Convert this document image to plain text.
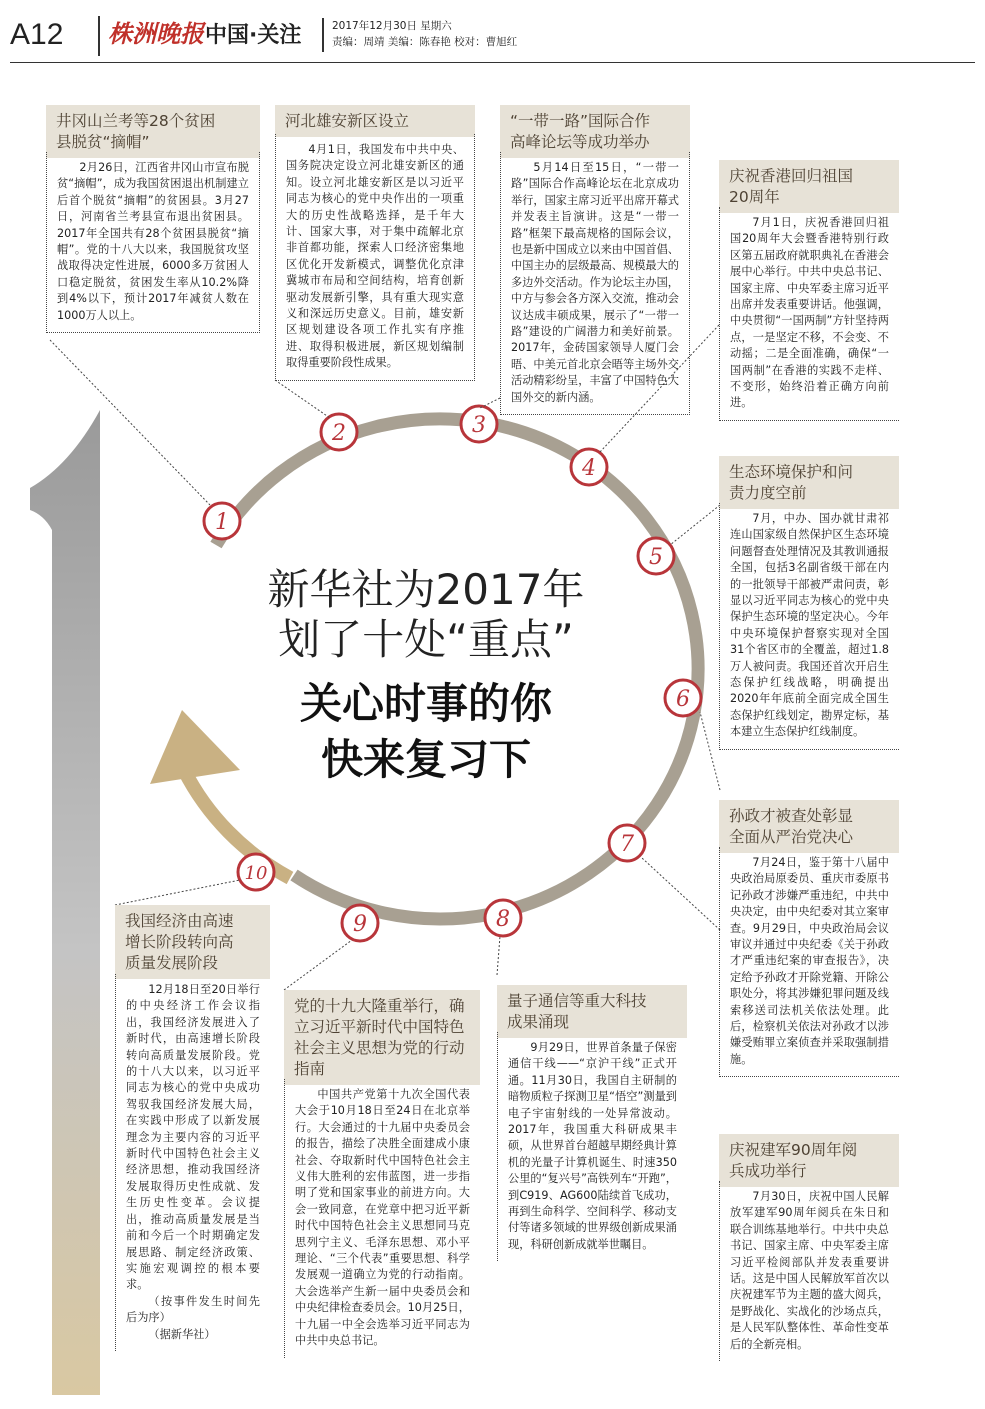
A12 株洲晚报 中国·关注	2017年12月30日 星期六
责编：周靖 美编：陈春艳 校对：曹旭红
1
2	3
4
5
6
7
8
9
10
新华社为2017年
划了十处“重点”
关心时事的你
快来复习下
井冈山兰考等28个贫困
县脱贫“摘帽”
2月26日，江西省井冈山市宣布脱贫“摘帽”，成为我国贫困退出机制建立后首个脱贫“摘帽”的贫困县。3月27日，河南省兰考县宣布退出贫困县。2017年全国共有28个贫困县脱贫“摘帽”。党的十八大以来，我国脱贫攻坚战取得决定性进展，6000多万贫困人口稳定脱贫，贫困发生率从10.2%降到4%以下，预计2017年减贫人数在1000万人以上。
河北雄安新区设立
4月1日，我国发布中共中央、国务院决定设立河北雄安新区的通知。设立河北雄安新区是以习近平同志为核心的党中央作出的一项重大的历史性战略选择，是千年大计、国家大事，对于集中疏解北京非首都功能，探索人口经济密集地区优化开发新模式，调整优化京津冀城市布局和空间结构，培育创新驱动发展新引擎，具有重大现实意义和深远历史意义。目前，雄安新区规划建设各项工作扎实有序推进、取得积极进展，新区规划编制取得重要阶段性成果。
“一带一路”国际合作
高峰论坛等成功举办
5月14日至15日，“一带一路”国际合作高峰论坛在北京成功举行，国家主席习近平出席开幕式并发表主旨演讲。这是“一带一路”框架下最高规格的国际会议，也是新中国成立以来由中国首倡、中国主办的层级最高、规模最大的多边外交活动。作为论坛主办国，中方与参会各方深入交流，推动会议达成丰硕成果，展示了“一带一路”建设的广阔潜力和美好前景。2017年，金砖国家领导人厦门会晤、中美元首北京会晤等主场外交活动精彩纷呈，丰富了中国特色大国外交的新内涵。
庆祝香港回归祖国
20周年
7月1日，庆祝香港回归祖国20周年大会暨香港特别行政区第五届政府就职典礼在香港会展中心举行。中共中央总书记、国家主席、中央军委主席习近平出席并发表重要讲话。他强调，中央贯彻“一国两制”方针坚持两点，一是坚定不移，不会变、不动摇；二是全面准确，确保“一国两制”在香港的实践不走样、不变形，始终沿着正确方向前进。
生态环境保护和问
责力度空前
7月，中办、国办就甘肃祁连山国家级自然保护区生态环境问题督查处理情况及其教训通报全国，包括3名副省级干部在内的一批领导干部被严肃问责，彰显以习近平同志为核心的党中央保护生态环境的坚定决心。今年中央环境保护督察实现对全国31个省区市的全覆盖，超过1.8万人被问责。我国还首次开启生态保护红线战略，明确提出2020年年底前全面完成全国生态保护红线划定，勘界定标，基本建立生态保护红线制度。
孙政才被查处彰显
全面从严治党决心
7月24日，鉴于第十八届中央政治局原委员、重庆市委原书记孙政才涉嫌严重违纪，中共中央决定，由中央纪委对其立案审查。9月29日，中央政治局会议审议并通过中央纪委《关于孙政才严重违纪案的审查报告》，决定给予孙政才开除党籍、开除公职处分，将其涉嫌犯罪问题及线索移送司法机关依法处理。此后，检察机关依法对孙政才以涉嫌受贿罪立案侦查并采取强制措施。
庆祝建军90周年阅
兵成功举行
7月30日，庆祝中国人民解放军建军90周年阅兵在朱日和联合训练基地举行。中共中央总书记、国家主席、中央军委主席习近平检阅部队并发表重要讲话。这是中国人民解放军首次以庆祝建军节为主题的盛大阅兵，是野战化、实战化的沙场点兵，是人民军队整体性、革命性变革后的全新亮相。
量子通信等重大科技
成果涌现
9月29日，世界首条量子保密通信干线——“京沪干线”正式开通。11月30日，我国自主研制的暗物质粒子探测卫星“悟空”测量到电子宇宙射线的一处异常波动。2017年，我国重大科研成果丰硕，从世界首台超越早期经典计算机的光量子计算机诞生、时速350公里的“复兴号”高铁列车“开跑”，到C919、AG600陆续首飞成功，再到生命科学、空间科学、移动支付等诸多领域的世界级创新成果涌现，科研创新成就举世瞩目。
党的十九大隆重举行，确
立习近平新时代中国特色
社会主义思想为党的行动
指南
中国共产党第十九次全国代表大会于10月18日至24日在北京举行。大会通过的十九届中央委员会的报告，描绘了决胜全面建成小康社会、夺取新时代中国特色社会主义伟大胜利的宏伟蓝图，进一步指明了党和国家事业的前进方向。大会一致同意，在党章中把习近平新时代中国特色社会主义思想同马克思列宁主义、毛泽东思想、邓小平理论、“三个代表”重要思想、科学发展观一道确立为党的行动指南。大会选举产生新一届中央委员会和中央纪律检查委员会。10月25日，十九届一中全会选举习近平同志为中共中央总书记。
我国经济由高速
增长阶段转向高
质量发展阶段
12月18日至20日举行的中央经济工作会议指出，我国经济发展进入了新时代，由高速增长阶段转向高质量发展阶段。党的十八大以来，以习近平同志为核心的党中央成功驾驭我国经济发展大局，在实践中形成了以新发展理念为主要内容的习近平新时代中国特色社会主义经济思想，推动我国经济发展取得历史性成就、发生历史性变革。会议提出，推动高质量发展是当前和今后一个时期确定发展思路、制定经济政策、实施宏观调控的根本要求。
（按事件发生时间先后为序）
（据新华社）
